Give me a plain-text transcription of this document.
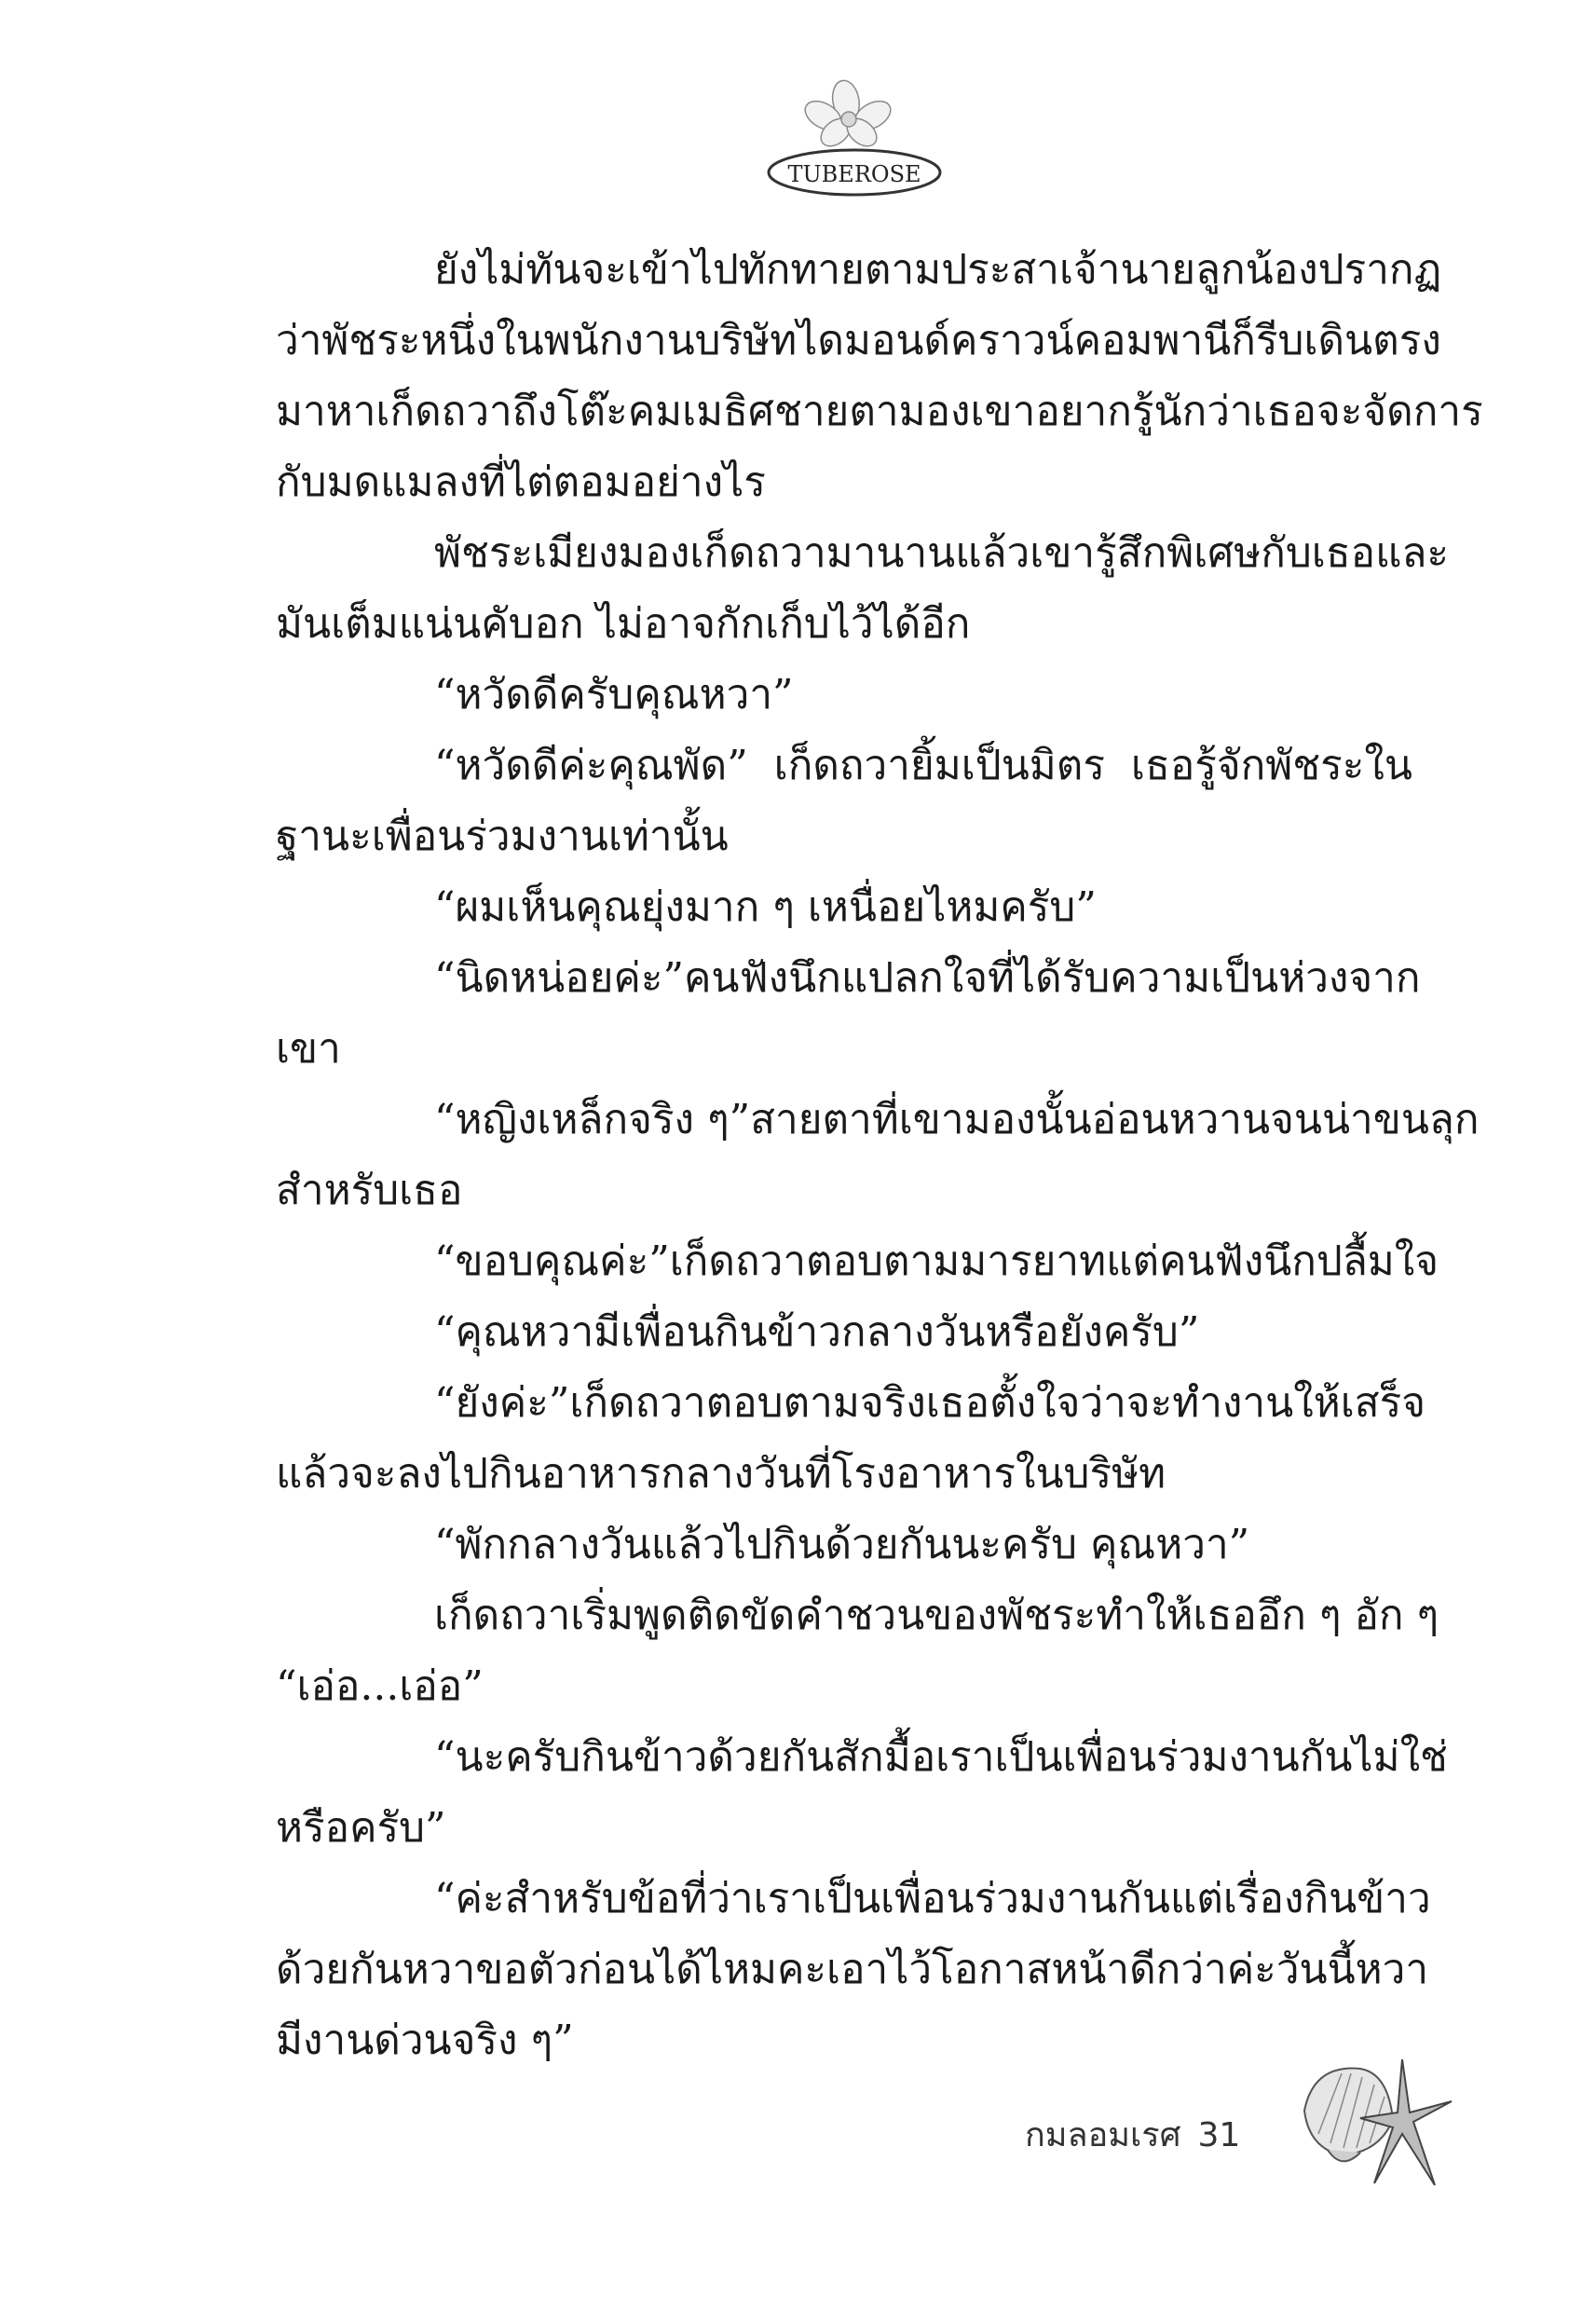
TUBEROSE
ยังไม่ทันจะเข้าไปทักทายตามประสาเจ้านายลูกน้อง ปรากฏ
ว่าพัชระ หนึ่งในพนักงานบริษัทไดมอนด์คราวน์คอมพานีก็รีบเดินตรง
มาหาเก็ดถวาถึงโต๊ะ คมเมธิศชายตามอง เขาอยากรู้นักว่าเธอจะจัดการ
กับมดแมลงที่ไต่ตอมอย่างไร
พัชระเมียงมองเก็ดถวามานานแล้ว เขารู้สึกพิเศษกับเธอ และ
มันเต็มแน่นคับอก ไม่อาจกักเก็บไว้ได้อีก
“หวัดดีครับคุณหวา”
“หวัดดีค่ะคุณพัด” เก็ดถวายิ้มเป็นมิตร เธอรู้จักพัชระใน
ฐานะเพื่อนร่วมงานเท่านั้น
“ผมเห็นคุณยุ่งมาก ๆ เหนื่อยไหมครับ”
“นิดหน่อยค่ะ” คนฟังนึกแปลกใจที่ได้รับความเป็นห่วงจาก
เขา
“หญิงเหล็กจริง ๆ” สายตาที่เขามองนั้นอ่อนหวานจนน่าขนลุก
สำหรับเธอ
“ขอบคุณค่ะ” เก็ดถวาตอบตามมารยาท แต่คนฟังนึกปลื้มใจ
“คุณหวามีเพื่อนกินข้าวกลางวันหรือยังครับ”
“ยังค่ะ” เก็ดถวาตอบตามจริง เธอตั้งใจว่าจะทำงานให้เสร็จ
แล้วจะลงไปกินอาหารกลางวันที่โรงอาหารในบริษัท
“พักกลางวันแล้วไปกินด้วยกันนะครับ คุณหวา”
เก็ดถวาเริ่มพูดติดขัด คำชวนของพัชระทำให้เธออึก ๆ อัก ๆ
“เอ่อ...เอ่อ”
“นะครับ กินข้าวด้วยกันสักมื้อ เราเป็นเพื่อนร่วมงานกันไม่ใช่
หรือครับ”
“ค่ะ สำหรับข้อที่ว่าเราเป็นเพื่อนร่วมงานกัน แต่เรื่องกินข้าว
ด้วยกัน หวาขอตัวก่อนได้ไหมคะ เอาไว้โอกาสหน้าดีกว่าค่ะ วันนี้หวา
มีงานด่วนจริง ๆ”
กมลอมเรศ 31
